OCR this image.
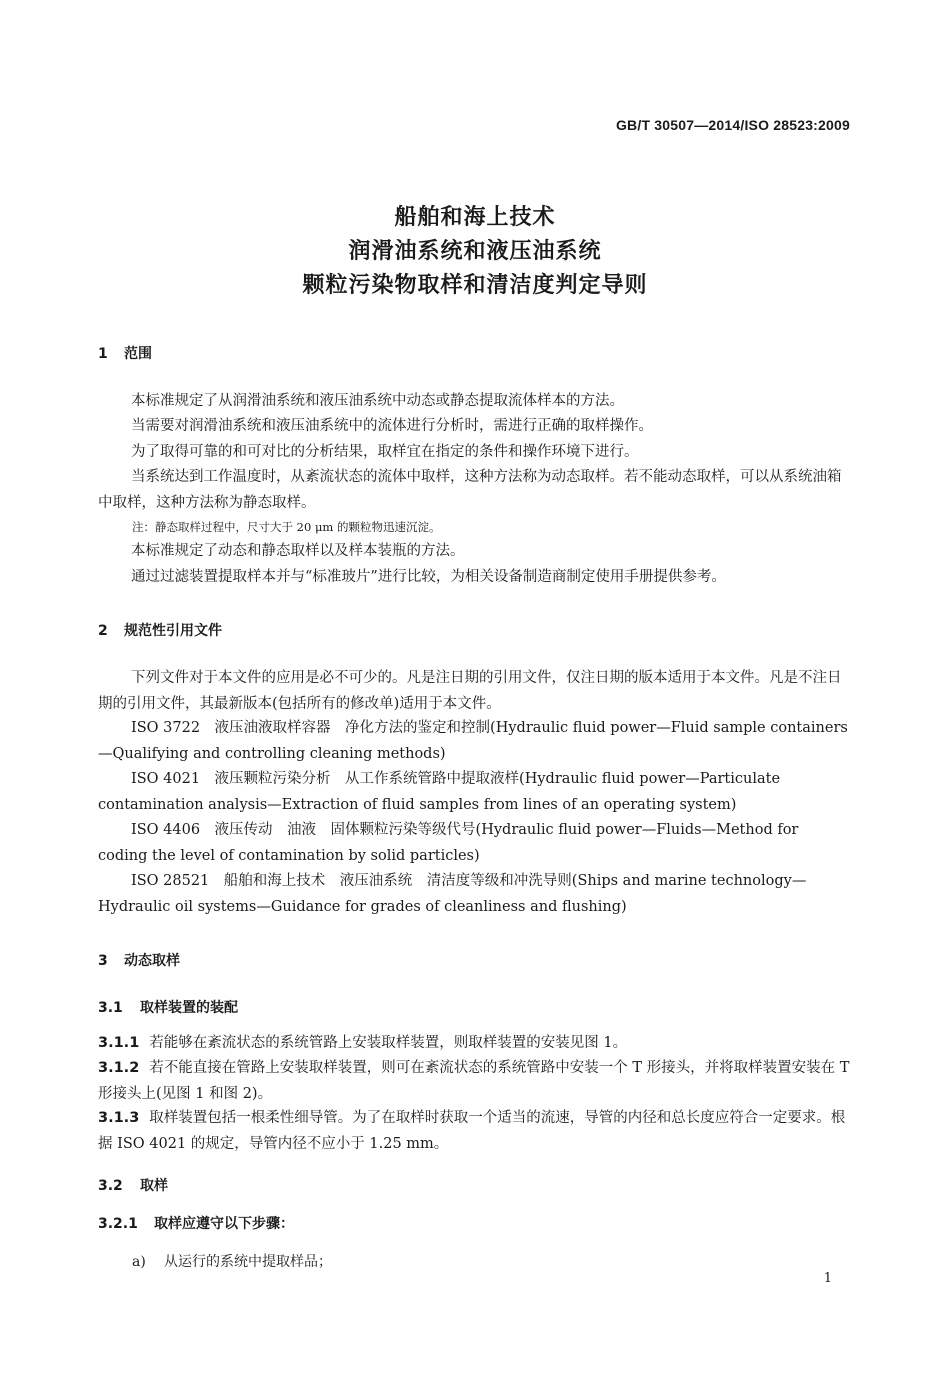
GB/T 30507—2014/ISO 28523:2009
船舶和海上技术
润滑油系统和液压油系统
颗粒污染物取样和清洁度判定导则
1 范围
本标准规定了从润滑油系统和液压油系统中动态或静态提取流体样本的方法。
当需要对润滑油系统和液压油系统中的流体进行分析时，需进行正确的取样操作。
为了取得可靠的和可对比的分析结果，取样宜在指定的条件和操作环境下进行。
当系统达到工作温度时，从紊流状态的流体中取样，这种方法称为动态取样。若不能动态取样，可以从系统油箱中取样，这种方法称为静态取样。
注：静态取样过程中，尺寸大于 20 μm 的颗粒物迅速沉淀。
本标准规定了动态和静态取样以及样本装瓶的方法。
通过过滤装置提取样本并与“标准玻片”进行比较，为相关设备制造商制定使用手册提供参考。
2 规范性引用文件
下列文件对于本文件的应用是必不可少的。凡是注日期的引用文件，仅注日期的版本适用于本文件。凡是不注日期的引用文件，其最新版本(包括所有的修改单)适用于本文件。
ISO 3722　液压油液取样容器　净化方法的鉴定和控制(Hydraulic fluid power—Fluid sample containers—Qualifying and controlling cleaning methods)
ISO 4021　液压颗粒污染分析　从工作系统管路中提取液样(Hydraulic fluid power—Particulate contamination analysis—Extraction of fluid samples from lines of an operating system)
ISO 4406　液压传动　油液　固体颗粒污染等级代号(Hydraulic fluid power—Fluids—Method for coding the level of contamination by solid particles)
ISO 28521　船舶和海上技术　液压油系统　清洁度等级和冲洗导则(Ships and marine technology—Hydraulic oil systems—Guidance for grades of cleanliness and flushing)
3 动态取样
3.1 取样装置的装配
3.1.1 若能够在紊流状态的系统管路上安装取样装置，则取样装置的安装见图 1。
3.1.2 若不能直接在管路上安装取样装置，则可在紊流状态的系统管路中安装一个 T 形接头，并将取样装置安装在 T 形接头上(见图 1 和图 2)。
3.1.3 取样装置包括一根柔性细导管。为了在取样时获取一个适当的流速，导管的内径和总长度应符合一定要求。根据 ISO 4021 的规定，导管内径不应小于 1.25 mm。
3.2 取样
3.2.1 取样应遵守以下步骤：
a) 从运行的系统中提取样品；
1
